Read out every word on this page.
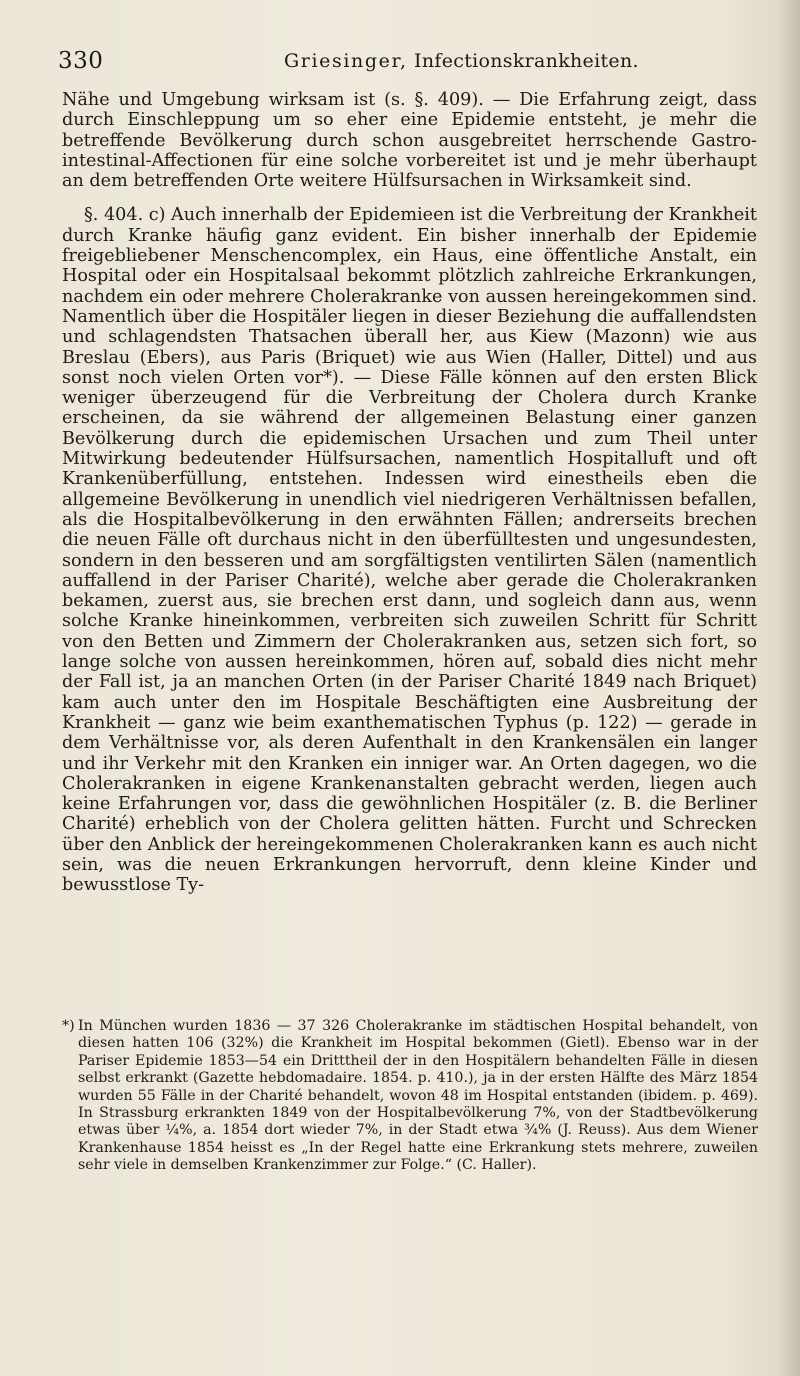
330	Griesinger, Infectionskrankheiten.

Nähe und Umgebung wirksam ist (s. §. 409). — Die Erfahrung zeigt, dass durch Einschleppung um so eher eine Epidemie entsteht, je mehr die betreffende Bevölkerung durch schon ausgebreitet herrschende Gastro-intestinal-Affectionen für eine solche vorbereitet ist und je mehr überhaupt an dem betreffenden Orte weitere Hülfsursachen in Wirksamkeit sind.

§. 404. c) Auch innerhalb der Epidemieen ist die Verbreitung der Krankheit durch Kranke häufig ganz evident. Ein bisher innerhalb der Epidemie freigebliebener Menschencomplex, ein Haus, eine öffentliche Anstalt, ein Hospital oder ein Hospitalsaal bekommt plötzlich zahlreiche Erkrankungen, nachdem ein oder mehrere Cholerakranke von aussen hereingekommen sind. Namentlich über die Hospitäler liegen in dieser Beziehung die auffallendsten und schlagendsten Thatsachen überall her, aus Kiew (Mazonn) wie aus Breslau (Ebers), aus Paris (Briquet) wie aus Wien (Haller, Dittel) und aus sonst noch vielen Orten vor*). — Diese Fälle können auf den ersten Blick weniger überzeugend für die Verbreitung der Cholera durch Kranke erscheinen, da sie während der allgemeinen Belastung einer ganzen Bevölkerung durch die epidemischen Ursachen und zum Theil unter Mitwirkung bedeutender Hülfsursachen, namentlich Hospitalluft und oft Krankenüberfüllung, entstehen. Indessen wird einestheils eben die allgemeine Bevölkerung in unendlich viel niedrigeren Verhältnissen befallen, als die Hospitalbevölkerung in den erwähnten Fällen; andrerseits brechen die neuen Fälle oft durchaus nicht in den überfülltesten und ungesundesten, sondern in den besseren und am sorgfältigsten ventilirten Sälen (namentlich auffallend in der Pariser Charité), welche aber gerade die Cholerakranken bekamen, zuerst aus, sie brechen erst dann, und sogleich dann aus, wenn solche Kranke hineinkommen, verbreiten sich zuweilen Schritt für Schritt von den Betten und Zimmern der Cholerakranken aus, setzen sich fort, so lange solche von aussen hereinkommen, hören auf, sobald dies nicht mehr der Fall ist, ja an manchen Orten (in der Pariser Charité 1849 nach Briquet) kam auch unter den im Hospitale Beschäftigten eine Ausbreitung der Krankheit — ganz wie beim exanthematischen Typhus (p. 122) — gerade in dem Verhältnisse vor, als deren Aufenthalt in den Krankensälen ein langer und ihr Verkehr mit den Kranken ein inniger war. An Orten dagegen, wo die Cholerakranken in eigene Krankenanstalten gebracht werden, liegen auch keine Erfahrungen vor, dass die gewöhnlichen Hospitäler (z. B. die Berliner Charité) erheblich von der Cholera gelitten hätten. Furcht und Schrecken über den Anblick der hereingekommenen Cholerakranken kann es auch nicht sein, was die neuen Erkrankungen hervorruft, denn kleine Kinder und bewusstlose Ty-

*) In München wurden 1836 — 37 326 Cholerakranke im städtischen Hospital behandelt, von diesen hatten 106 (32%) die Krankheit im Hospital bekommen (Gietl). Ebenso war in der Pariser Epidemie 1853—54 ein Dritttheil der in den Hospitälern behandelten Fälle in diesen selbst erkrankt (Gazette hebdomadaire. 1854. p. 410.), ja in der ersten Hälfte des März 1854 wurden 55 Fälle in der Charité behandelt, wovon 48 im Hospital entstanden (ibidem. p. 469). In Strassburg erkrankten 1849 von der Hospitalbevölkerung 7%, von der Stadtbevölkerung etwas über ¼%, a. 1854 dort wieder 7%, in der Stadt etwa ¾% (J. Reuss). Aus dem Wiener Krankenhause 1854 heisst es „In der Regel hatte eine Erkrankung stets mehrere, zuweilen sehr viele in demselben Krankenzimmer zur Folge.“ (C. Haller).
